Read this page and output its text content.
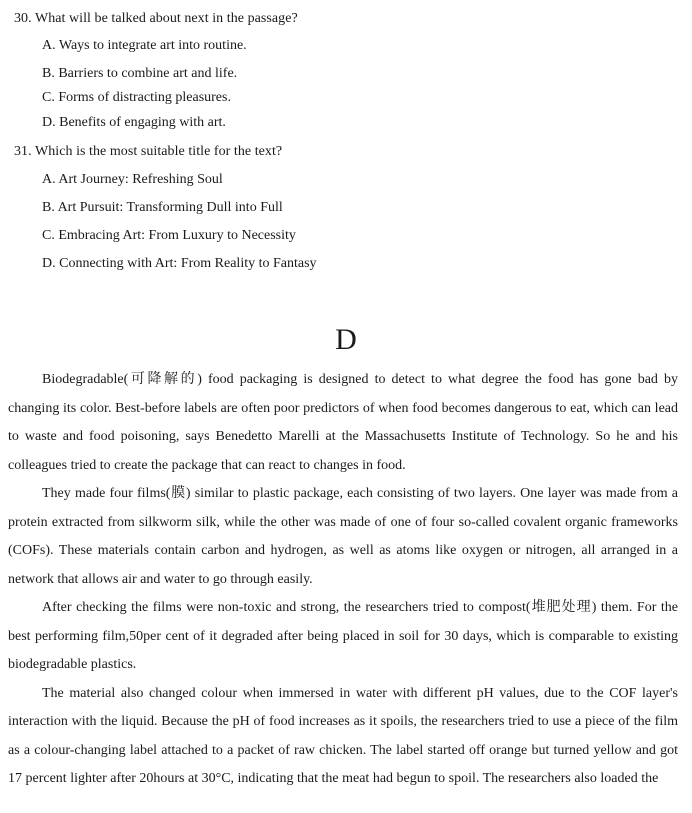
30. What will be talked about next in the passage?
A. Ways to integrate art into routine.
B. Barriers to combine art and life.
C. Forms of distracting pleasures.
D. Benefits of engaging with art.
31. Which is the most suitable title for the text?
A. Art Journey: Refreshing Soul
B. Art Pursuit: Transforming Dull into Full
C. Embracing Art: From Luxury to Necessity
D. Connecting with Art: From Reality to Fantasy
D

Biodegradable(可降解的) food packaging is designed to detect to what degree the food has gone bad by changing its color. Best-before labels are often poor predictors of when food becomes dangerous to eat, which can lead to waste and food poisoning, says Benedetto Marelli at the Massachusetts Institute of Technology. So he and his colleagues tried to create the package that can react to changes in food.

They made four films(膜) similar to plastic package, each consisting of two layers. One layer was made from a protein extracted from silkworm silk, while the other was made of one of four so-called covalent organic frameworks (COFs). These materials contain carbon and hydrogen, as well as atoms like oxygen or nitrogen, all arranged in a network that allows air and water to go through easily.

After checking the films were non-toxic and strong, the researchers tried to compost(堆肥处理) them. For the best performing film,50per cent of it degraded after being placed in soil for 30 days, which is comparable to existing biodegradable plastics.

The material also changed colour when immersed in water with different pH values, due to the COF layer's interaction with the liquid. Because the pH of food increases as it spoils, the researchers tried to use a piece of the film as a colour-changing label attached to a packet of raw chicken. The label started off orange but turned yellow and got 17 percent lighter after 20hours at 30°C, indicating that the meat had begun to spoil. The researchers also loaded the
